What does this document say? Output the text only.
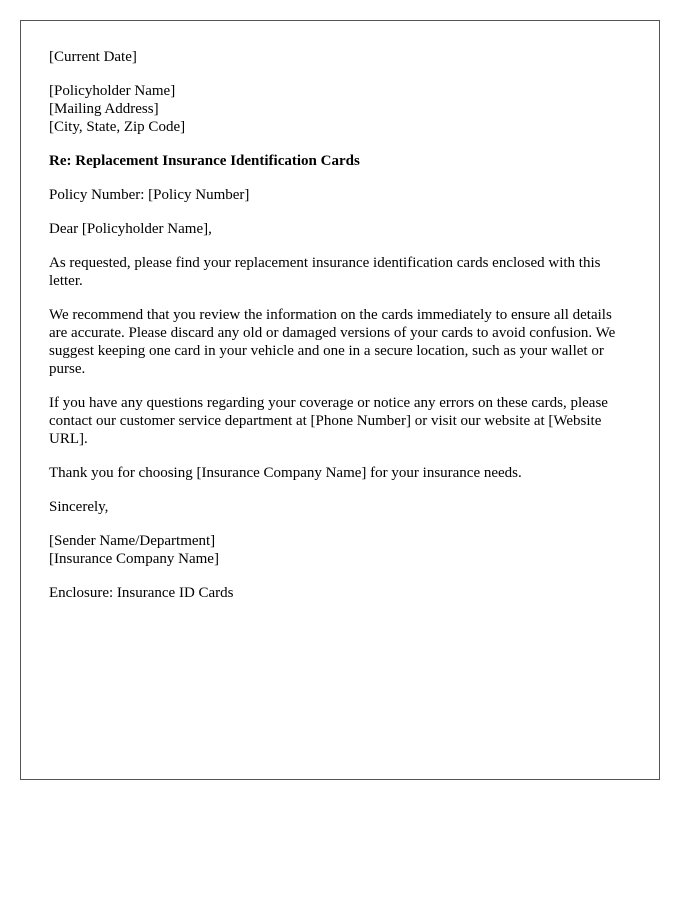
[Current Date]
[Policyholder Name]
[Mailing Address]
[City, State, Zip Code]
Re: Replacement Insurance Identification Cards
Policy Number: [Policy Number]
Dear [Policyholder Name],

As requested, please find your replacement insurance identification cards enclosed with this letter.

We recommend that you review the information on the cards immediately to ensure all details are accurate. Please discard any old or damaged versions of your cards to avoid confusion. We suggest keeping one card in your vehicle and one in a secure location, such as your wallet or purse.

If you have any questions regarding your coverage or notice any errors on these cards, please contact our customer service department at [Phone Number] or visit our website at [Website URL].

Thank you for choosing [Insurance Company Name] for your insurance needs.

Sincerely,
[Sender Name/Department]
[Insurance Company Name]
Enclosure: Insurance ID Cards
